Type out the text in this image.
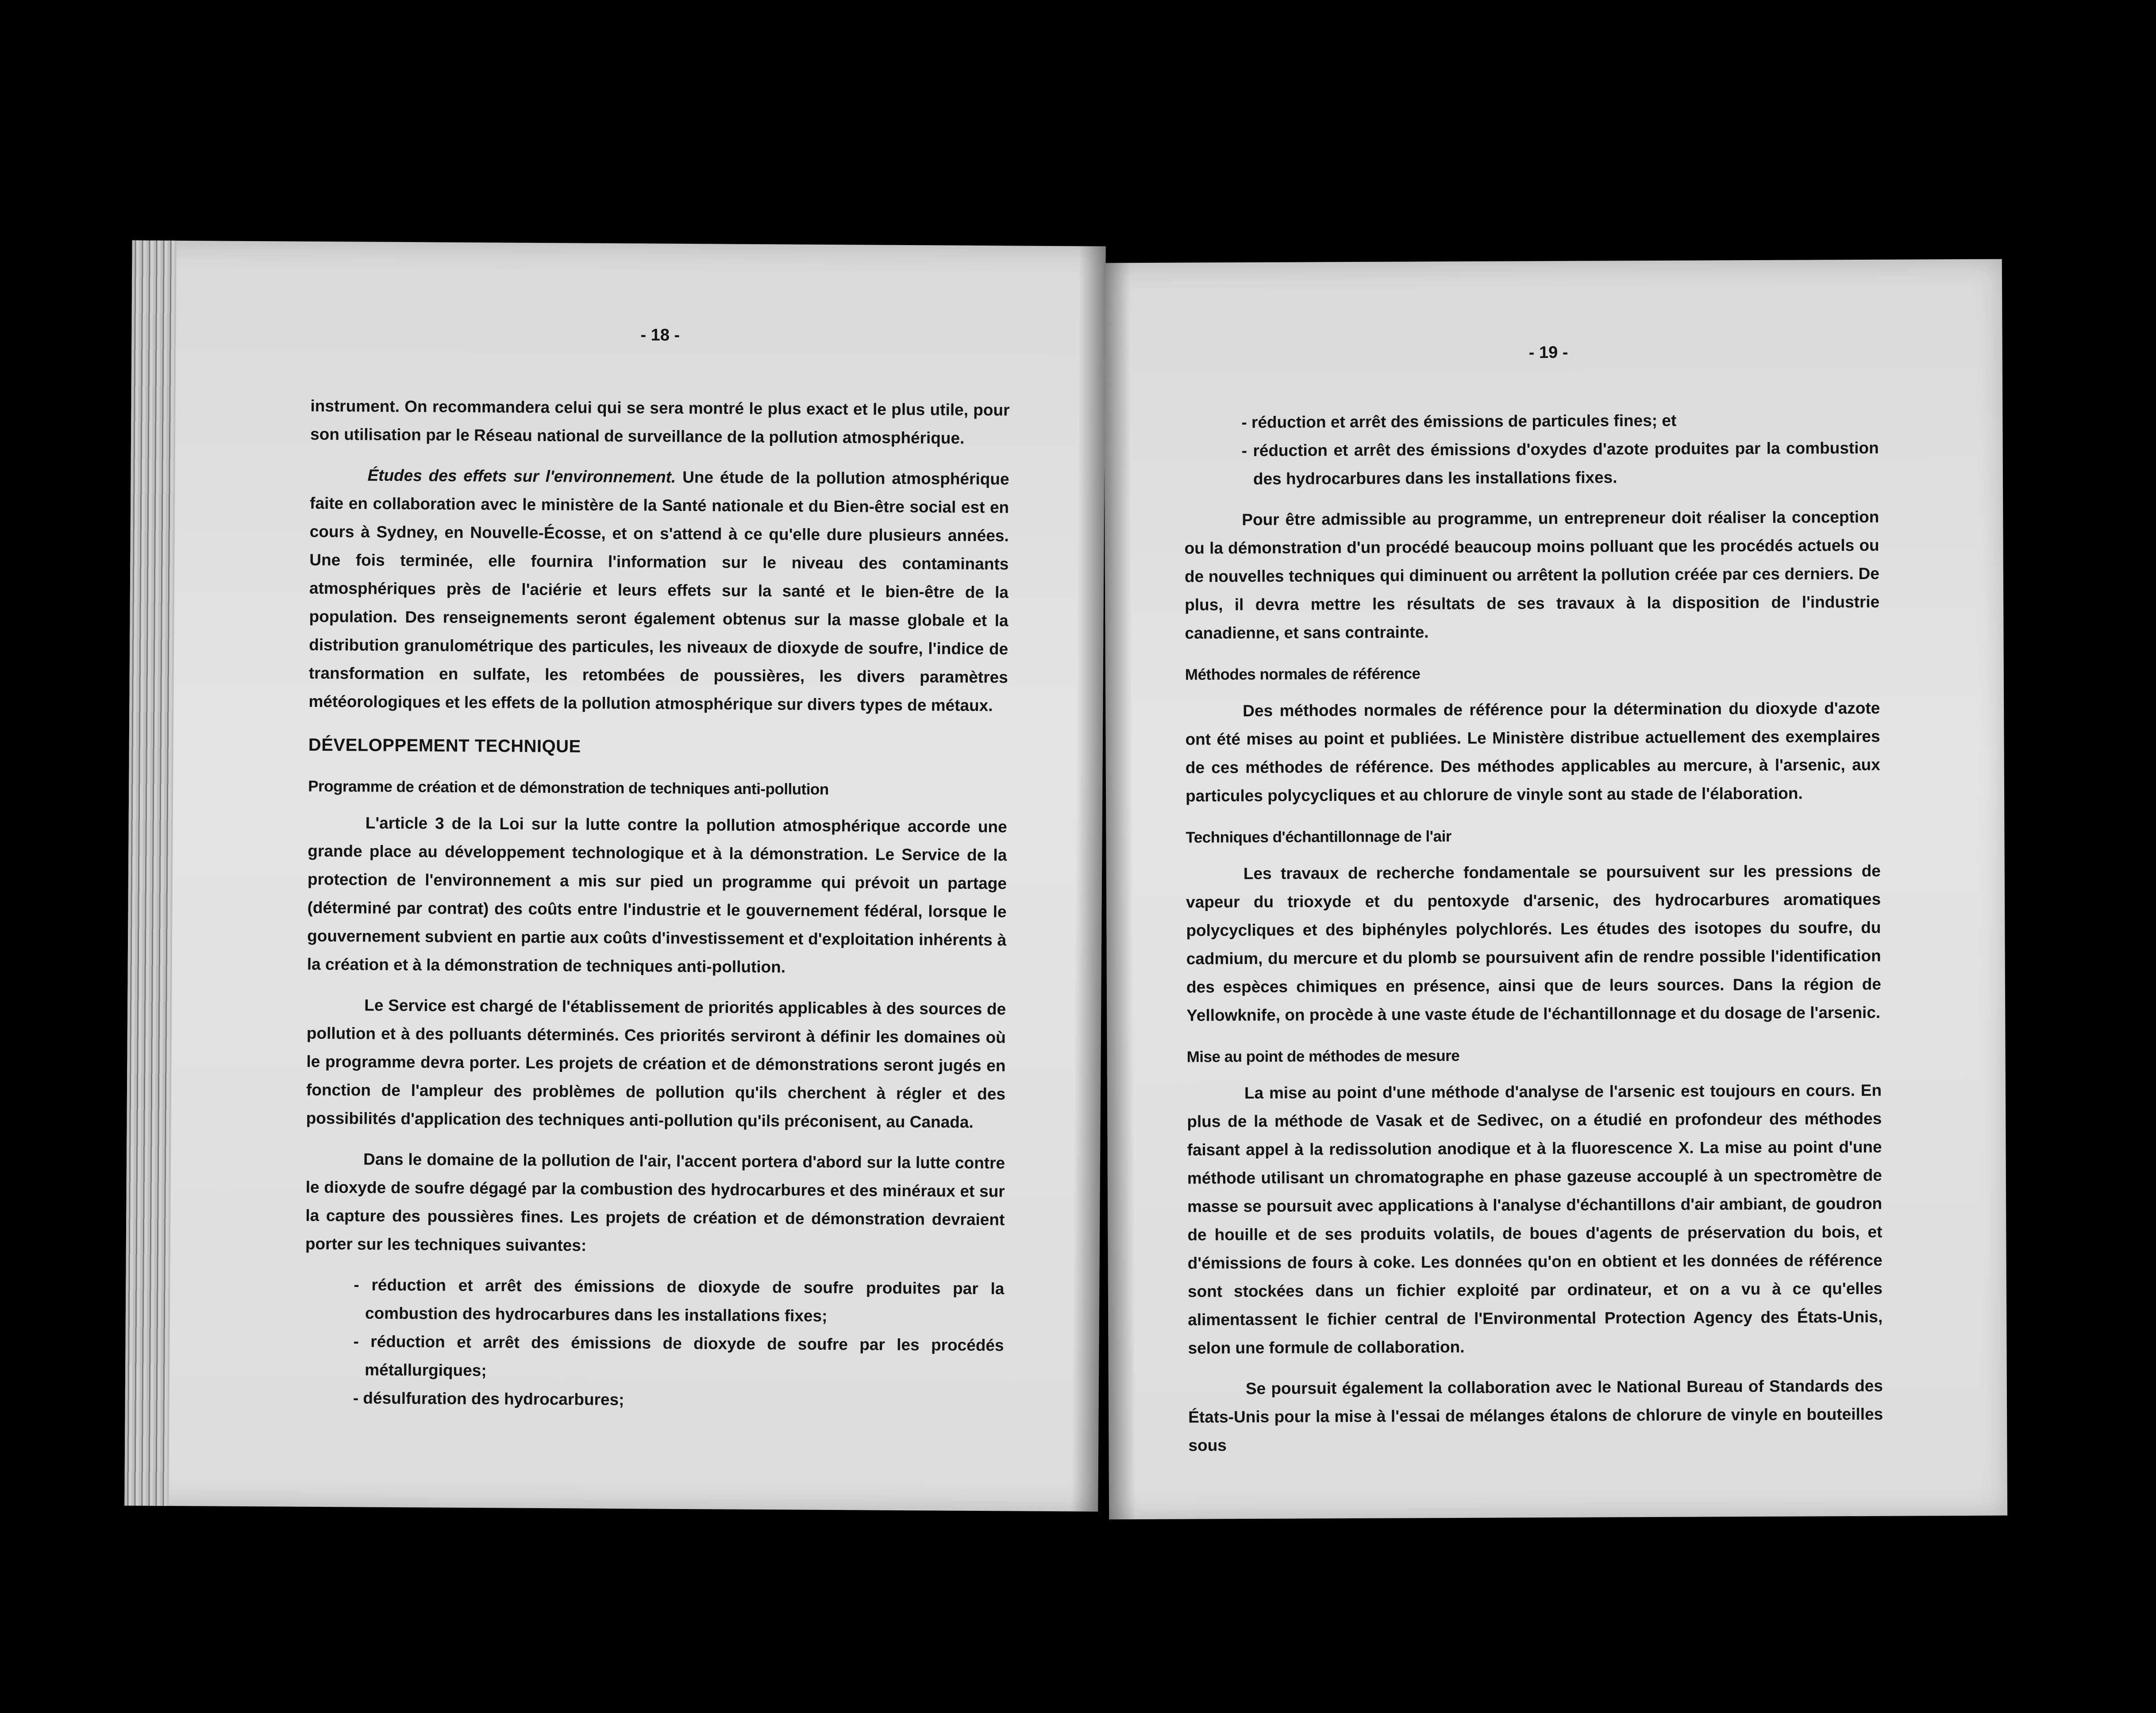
- 18 -

instrument. On recommandera celui qui se sera montré le plus exact et le plus utile, pour son utilisation par le Réseau national de surveillance de la pollution atmosphérique.

Études des effets sur l'environnement. Une étude de la pollution atmosphérique faite en collaboration avec le ministère de la Santé nationale et du Bien-être social est en cours à Sydney, en Nouvelle-Écosse, et on s'attend à ce qu'elle dure plusieurs années. Une fois terminée, elle fournira l'information sur le niveau des contaminants atmosphériques près de l'aciérie et leurs effets sur la santé et le bien-être de la population. Des renseignements seront également obtenus sur la masse globale et la distribution granulométrique des particules, les niveaux de dioxyde de soufre, l'indice de transformation en sulfate, les retombées de poussières, les divers paramètres météorologiques et les effets de la pollution atmosphérique sur divers types de métaux.

DÉVELOPPEMENT TECHNIQUE
Programme de création et de démonstration de techniques anti-pollution

L'article 3 de la Loi sur la lutte contre la pollution atmosphérique accorde une grande place au développement technologique et à la démonstration. Le Service de la protection de l'environnement a mis sur pied un programme qui prévoit un partage (déterminé par contrat) des coûts entre l'industrie et le gouvernement fédéral, lorsque le gouvernement subvient en partie aux coûts d'investissement et d'exploitation inhérents à la création et à la démonstration de techniques anti-pollution.

Le Service est chargé de l'établissement de priorités applicables à des sources de pollution et à des polluants déterminés. Ces priorités serviront à définir les domaines où le programme devra porter. Les projets de création et de démonstrations seront jugés en fonction de l'ampleur des problèmes de pollution qu'ils cherchent à régler et des possibilités d'application des techniques anti-pollution qu'ils préconisent, au Canada.

Dans le domaine de la pollution de l'air, l'accent portera d'abord sur la lutte contre le dioxyde de soufre dégagé par la combustion des hydrocarbures et des minéraux et sur la capture des poussières fines. Les projets de création et de démonstration devraient porter sur les techniques suivantes:

- réduction et arrêt des émissions de dioxyde de soufre produites par la combustion des hydrocarbures dans les installations fixes;

- réduction et arrêt des émissions de dioxyde de soufre par les procédés métallurgiques;

- désulfuration des hydrocarbures;

- 19 -

- réduction et arrêt des émissions de particules fines; et

- réduction et arrêt des émissions d'oxydes d'azote produites par la combustion des hydrocarbures dans les installations fixes.

Pour être admissible au programme, un entrepreneur doit réaliser la conception ou la démonstration d'un procédé beaucoup moins polluant que les procédés actuels ou de nouvelles techniques qui diminuent ou arrêtent la pollution créée par ces derniers. De plus, il devra mettre les résultats de ses travaux à la disposition de l'industrie canadienne, et sans contrainte.

Méthodes normales de référence

Des méthodes normales de référence pour la détermination du dioxyde d'azote ont été mises au point et publiées. Le Ministère distribue actuellement des exemplaires de ces méthodes de référence. Des méthodes applicables au mercure, à l'arsenic, aux particules polycycliques et au chlorure de vinyle sont au stade de l'élaboration.

Techniques d'échantillonnage de l'air

Les travaux de recherche fondamentale se poursuivent sur les pressions de vapeur du trioxyde et du pentoxyde d'arsenic, des hydrocarbures aromatiques polycycliques et des biphényles polychlorés. Les études des isotopes du soufre, du cadmium, du mercure et du plomb se poursuivent afin de rendre possible l'identification des espèces chimiques en présence, ainsi que de leurs sources. Dans la région de Yellowknife, on procède à une vaste étude de l'échantillonnage et du dosage de l'arsenic.

Mise au point de méthodes de mesure

La mise au point d'une méthode d'analyse de l'arsenic est toujours en cours. En plus de la méthode de Vasak et de Sedivec, on a étudié en profondeur des méthodes faisant appel à la redissolution anodique et à la fluorescence X. La mise au point d'une méthode utilisant un chromatographe en phase gazeuse accouplé à un spectromètre de masse se poursuit avec applications à l'analyse d'échantillons d'air ambiant, de goudron de houille et de ses produits volatils, de boues d'agents de préservation du bois, et d'émissions de fours à coke. Les données qu'on en obtient et les données de référence sont stockées dans un fichier exploité par ordinateur, et on a vu à ce qu'elles alimentassent le fichier central de l'Environmental Protection Agency des États-Unis, selon une formule de collaboration.

Se poursuit également la collaboration avec le National Bureau of Standards des États-Unis pour la mise à l'essai de mélanges étalons de chlorure de vinyle en bouteilles sous
